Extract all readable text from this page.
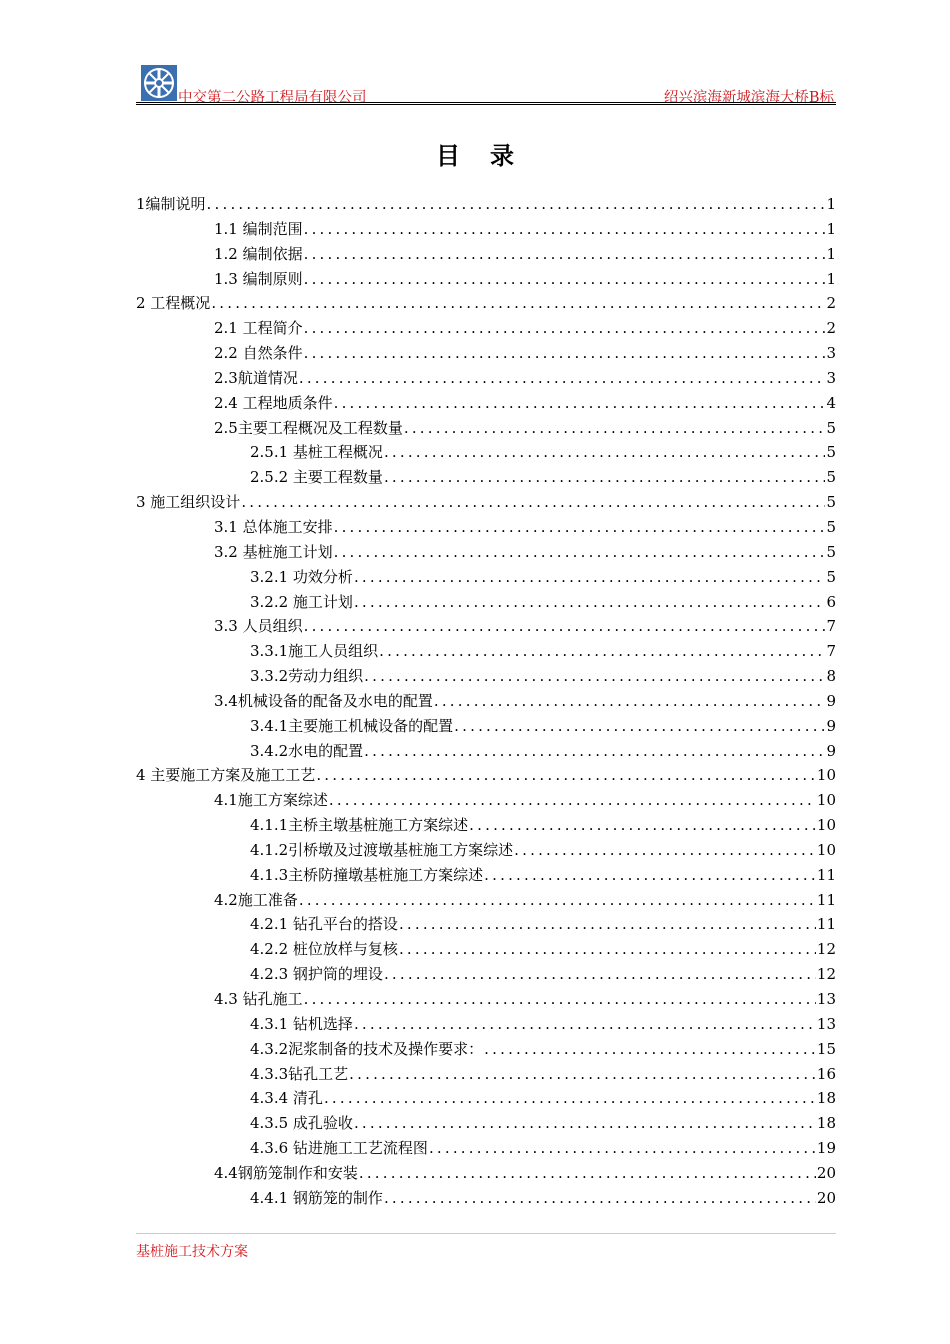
中交第二公路工程局有限公司	绍兴滨海新城滨海大桥B标
目录
1编制说明 .....	1
1.1 编制范围 .....	1
1.2 编制依据 .....	1
1.3 编制原则 .....	1
2 工程概况 .....	2
2.1 工程简介 .....	2
2.2 自然条件 .....	3
2.3航道情况 .....	3
2.4 工程地质条件 .....	4
2.5主要工程概况及工程数量 .....	5
2.5.1 基桩工程概况 .....	5
2.5.2 主要工程数量 .....	5
3 施工组织设计 .....	5
3.1 总体施工安排 .....	5
3.2 基桩施工计划 .....	5
3.2.1 功效分析 .....	5
3.2.2 施工计划 .....	6
3.3 人员组织 .....	7
3.3.1施工人员组织 .....	7
3.3.2劳动力组织 .....	8
3.4机械设备的配备及水电的配置 .....	9
3.4.1主要施工机械设备的配置 .....	9
3.4.2水电的配置 .....	9
4 主要施工方案及施工工艺 .....	10
4.1施工方案综述 .....	10
4.1.1主桥主墩基桩施工方案综述 .....	10
4.1.2引桥墩及过渡墩基桩施工方案综述 .....	10
4.1.3主桥防撞墩基桩施工方案综述 .....	11
4.2施工准备 .....	11
4.2.1 钻孔平台的搭设 .....	11
4.2.2 桩位放样与复核 .....	12
4.2.3 钢护筒的埋设 .....	12
4.3 钻孔施工 .....	13
4.3.1 钻机选择 .....	13
4.3.2泥浆制备的技术及操作要求： .....	15
4.3.3钻孔工艺 .....	16
4.3.4 清孔 .....	18
4.3.5 成孔验收 .....	18
4.3.6 钻进施工工艺流程图 .....	19
4.4钢筋笼制作和安装 .....	20
4.4.1 钢筋笼的制作 .....	20
基桩施工技术方案
